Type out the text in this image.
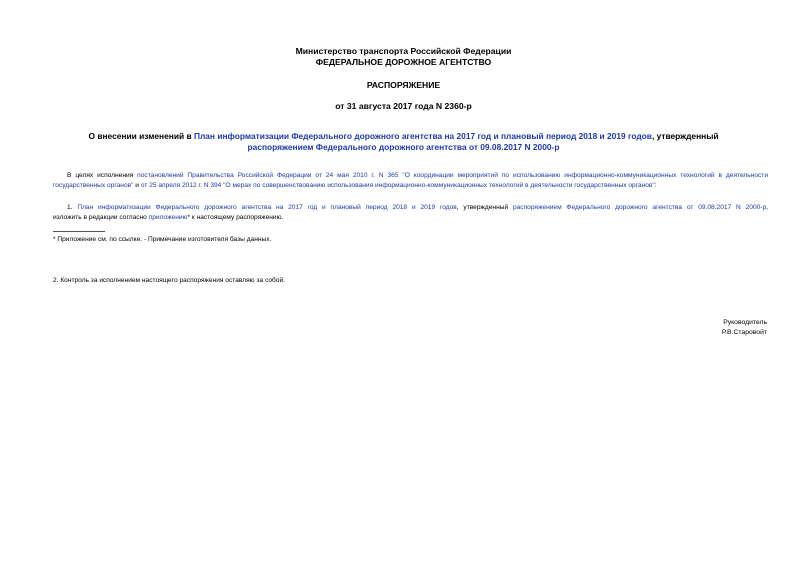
Министерство транспорта Российской Федерации
ФЕДЕРАЛЬНОЕ ДОРОЖНОЕ АГЕНТСТВО
РАСПОРЯЖЕНИЕ
от 31 августа 2017 года N 2360-р
О внесении изменений в План информатизации Федерального дорожного агентства на 2017 год и плановый период 2018 и 2019 годов, утвержденный
распоряжением Федерального дорожного агентства от 09.08.2017 N 2000-р
В целях исполнения постановлений Правительства Российской Федерации от 24 мая 2010 г. N 365 "О координации мероприятий по использованию информационно-коммуникационных технологий в деятельности
государственных органов" и от 25 апреля 2012 г. N 394 "О мерах по совершенствованию использования информационно-коммуникационных технологий в деятельности государственных органов":
1. План информатизации Федерального дорожного агентства на 2017 год и плановый период 2018 и 2019 годов, утвержденный распоряжением Федерального дорожного агентства от 09.08.2017 N 2000-р,
изложить в редакции согласно приложению* к настоящему распоряжению.
* Приложение см. по ссылке. - Примечание изготовителя базы данных.
2. Контроль за исполнением настоящего распоряжения оставляю за собой.
Руководитель
Р.В.Старовойт
